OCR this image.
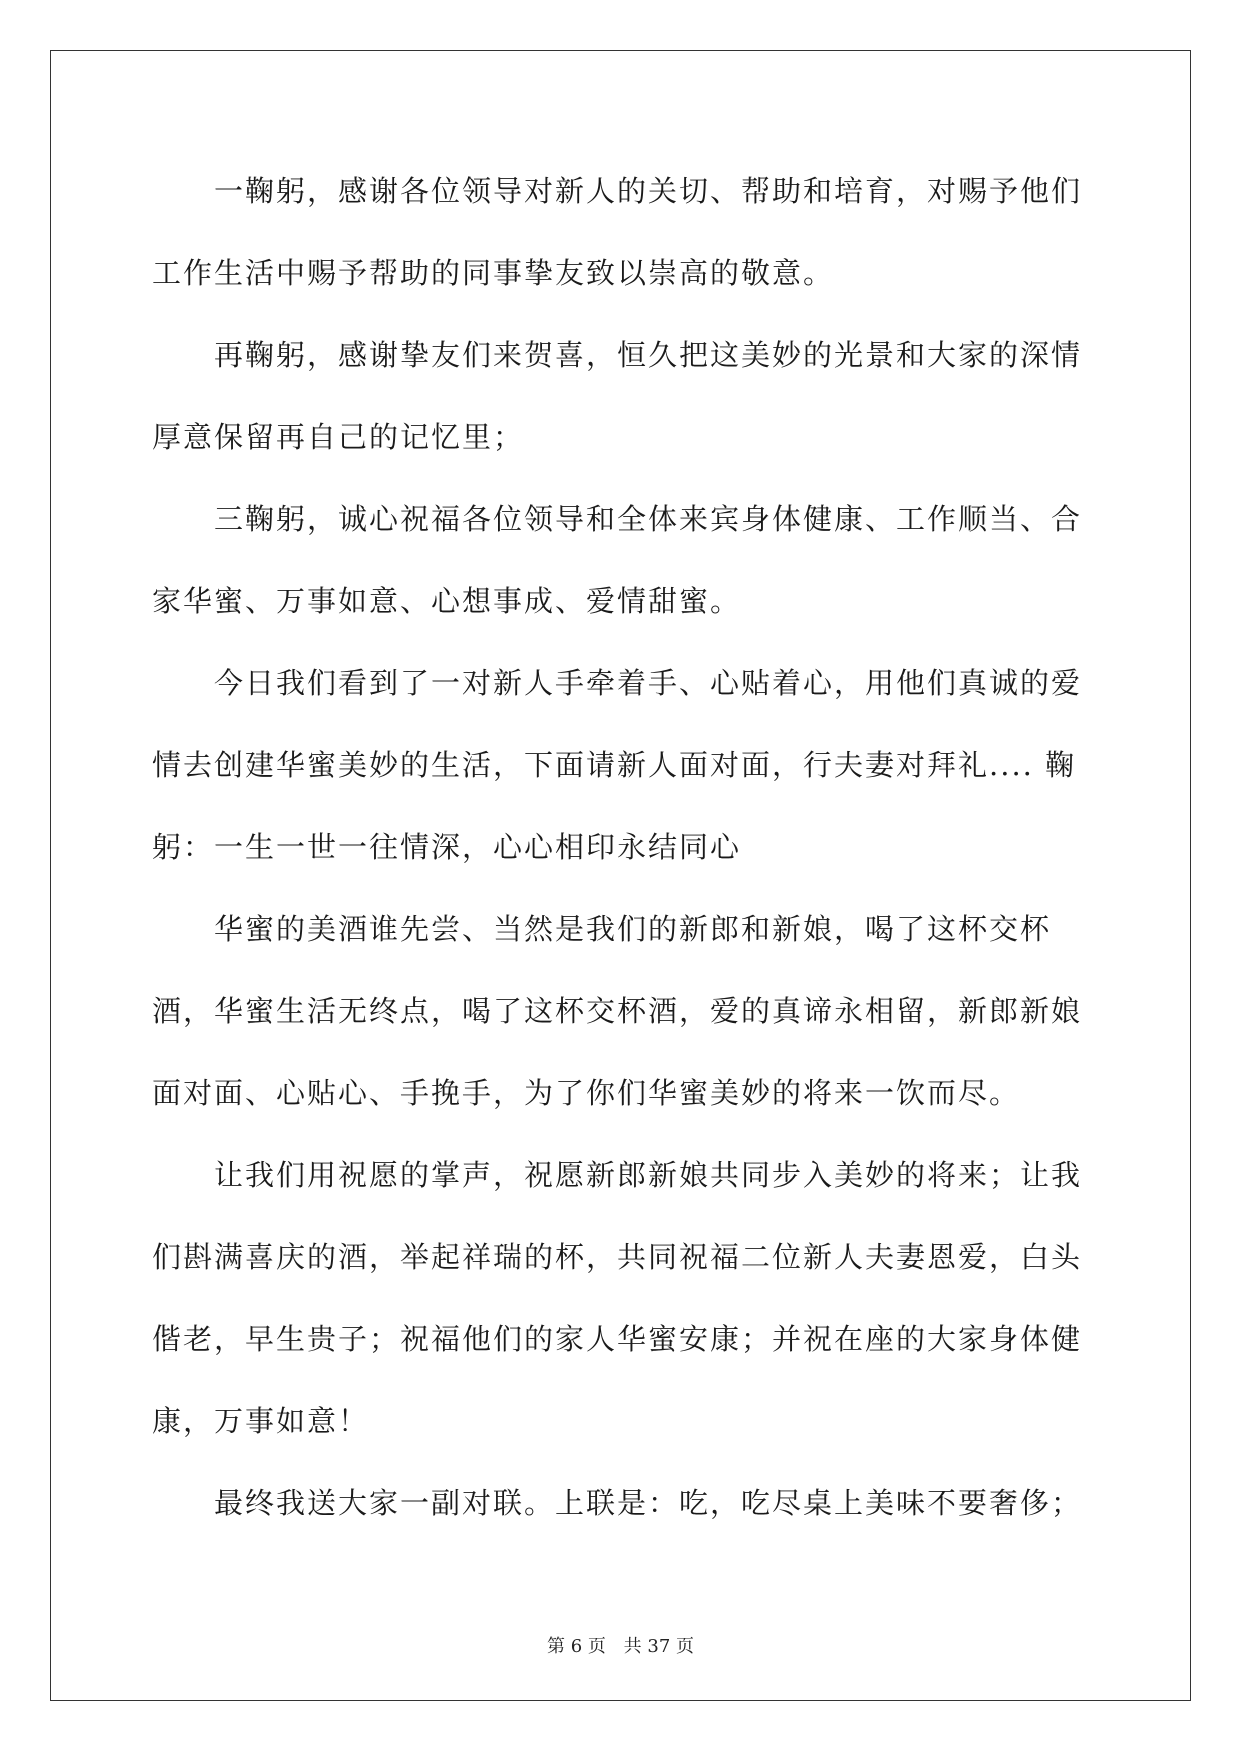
一鞠躬，感谢各位领导对新人的关切、帮助和培育，对赐予他们工作生活中赐予帮助的同事挚友致以崇高的敬意。

再鞠躬，感谢挚友们来贺喜，恒久把这美妙的光景和大家的深情厚意保留再自己的记忆里；

三鞠躬，诚心祝福各位领导和全体来宾身体健康、工作顺当、合家华蜜、万事如意、心想事成、爱情甜蜜。

今日我们看到了一对新人手牵着手、心贴着心，用他们真诚的爱情去创建华蜜美妙的生活，下面请新人面对面，行夫妻对拜礼.... 鞠躬：一生一世一往情深，心心相印永结同心

华蜜的美酒谁先尝、当然是我们的新郎和新娘，喝了这杯交杯酒，华蜜生活无终点，喝了这杯交杯酒，爱的真谛永相留，新郎新娘面对面、心贴心、手挽手，为了你们华蜜美妙的将来一饮而尽。

让我们用祝愿的掌声，祝愿新郎新娘共同步入美妙的将来；让我们斟满喜庆的酒，举起祥瑞的杯，共同祝福二位新人夫妻恩爱，白头偕老，早生贵子；祝福他们的家人华蜜安康；并祝在座的大家身体健康，万事如意！

最终我送大家一副对联。上联是：吃，吃尽桌上美味不要奢侈；

第 6 页 共 37 页
